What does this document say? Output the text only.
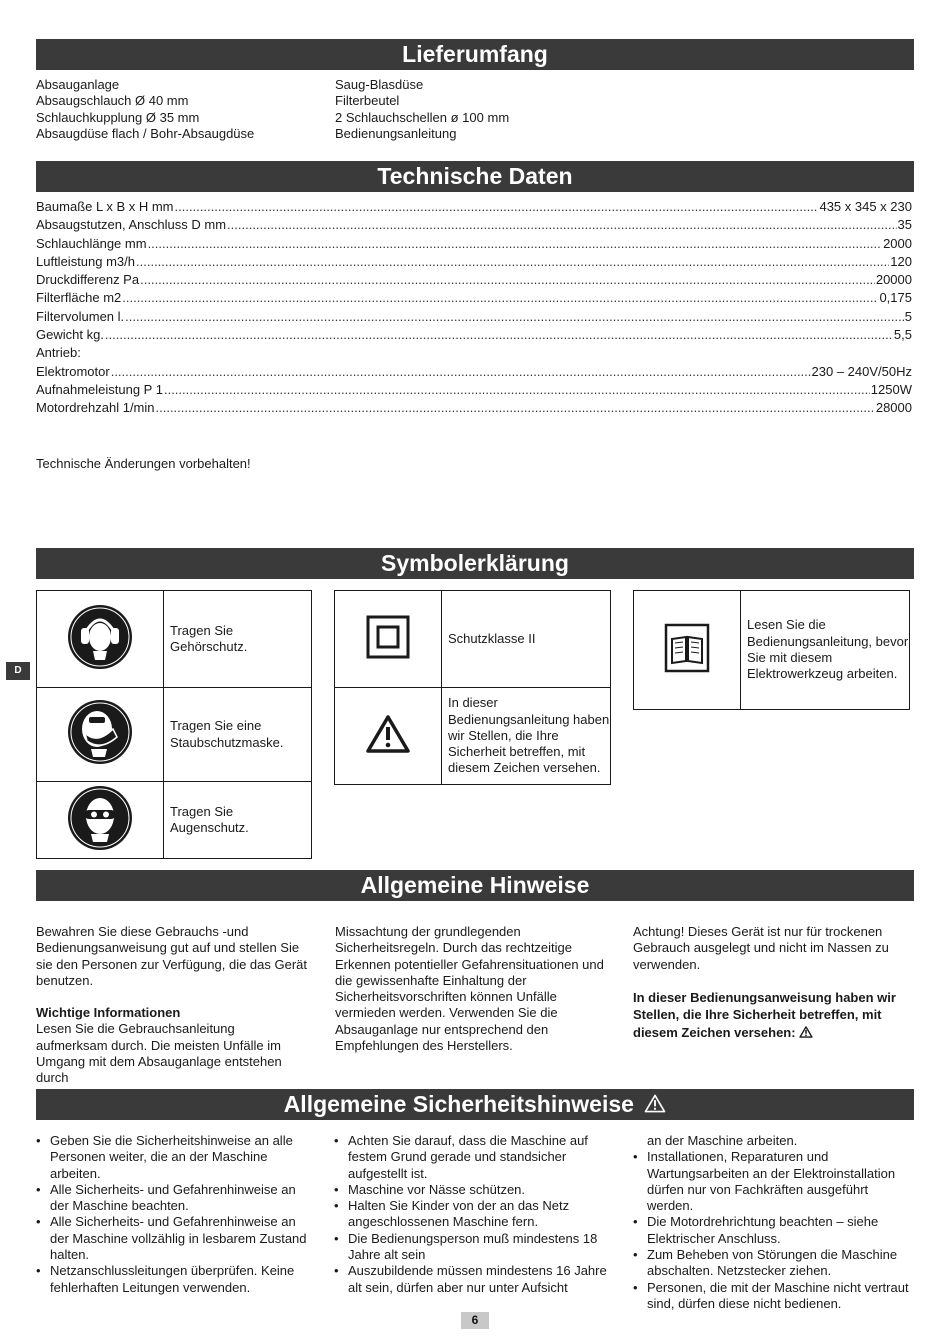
Lieferumfang
Absauganlage
Absaugschlauch Ø 40 mm
Schlauchkupplung Ø 35 mm
Absaugdüse flach / Bohr-Absaugdüse
Saug-Blasdüse
Filterbeutel
2 Schlauchschellen ø 100 mm
Bedienungsanleitung
Technische Daten
Baumaße L x B x H mm .....	435 x 345 x 230
Absaugstutzen, Anschluss D mm .....	35
Schlauchlänge mm .....	2000
Luftleistung m3/h .....	120
Druckdifferenz Pa .....	20000
Filterfläche m2 .....	0,175
Filtervolumen l. .....	5
Gewicht kg. .....	5,5
Antrieb:
Elektromotor .....	230 – 240V/50Hz
Aufnahmeleistung P 1 .....	1250W
Motordrehzahl 1/min .....	28000
Technische Änderungen vorbehalten!
Symbolerklärung
D
	Tragen Sie Gehörschutz.
	Tragen Sie eine Staubschutzmaske.
	Tragen Sie Augenschutz.
	Schutzklasse II
	In dieser Bedienungsanleitung haben wir Stellen, die Ihre Sicherheit betreffen, mit diesem Zeichen versehen.
	Lesen Sie die Bedienungsanleitung, bevor Sie mit diesem Elektrowerkzeug arbeiten.
Allgemeine Hinweise

Bewahren Sie diese Gebrauchs -und Bedienungsanweisung gut auf und stellen Sie sie den Personen zur Verfügung, die das Gerät benutzen.

Wichtige Informationen

Lesen Sie die Gebrauchsanleitung aufmerksam durch. Die meisten Unfälle im Umgang mit dem Absauganlage entstehen durch

Missachtung der grundlegenden Sicherheitsregeln. Durch das rechtzeitige Erkennen potentieller Gefahrensituationen und die gewissenhafte Einhaltung der Sicherheitsvorschriften können Unfälle vermieden werden. Verwenden Sie die Absauganlage nur entsprechend den Empfehlungen des Herstellers.

Achtung! Dieses Gerät ist nur für trockenen Gebrauch ausgelegt und nicht im Nassen zu verwenden.

In dieser Bedienungsanweisung haben wir Stellen, die Ihre Sicherheit betreffen, mit diesem Zeichen versehen:

Allgemeine Sicherheitshinweise
• Geben Sie die Sicherheitshinweise an alle Personen weiter, die an der Maschine arbeiten.
• Alle Sicherheits- und Gefahrenhinweise an der Maschine beachten.
• Alle Sicherheits- und Gefahrenhinweise an der Maschine vollzählig in lesbarem Zustand halten.
• Netzanschlussleitungen überprüfen. Keine fehlerhaften Leitungen verwenden.
• Achten Sie darauf, dass die Maschine auf festem Grund gerade und standsicher aufgestellt ist.
• Maschine vor Nässe schützen.
• Halten Sie Kinder von der an das Netz angeschlossenen Maschine fern.
• Die Bedienungsperson muß mindestens 18 Jahre alt sein
• Auszubildende müssen mindestens 16 Jahre alt sein, dürfen aber nur unter Aufsicht
an der Maschine arbeiten.
• Installationen, Reparaturen und Wartungsarbeiten an der Elektroinstallation dürfen nur von Fachkräften ausgeführt werden.
• Die Motordrehrichtung beachten – siehe Elektrischer Anschluss.
• Zum Beheben von Störungen die Maschine abschalten. Netzstecker ziehen.
• Personen, die mit der Maschine nicht vertraut sind, dürfen diese nicht bedienen.
6
